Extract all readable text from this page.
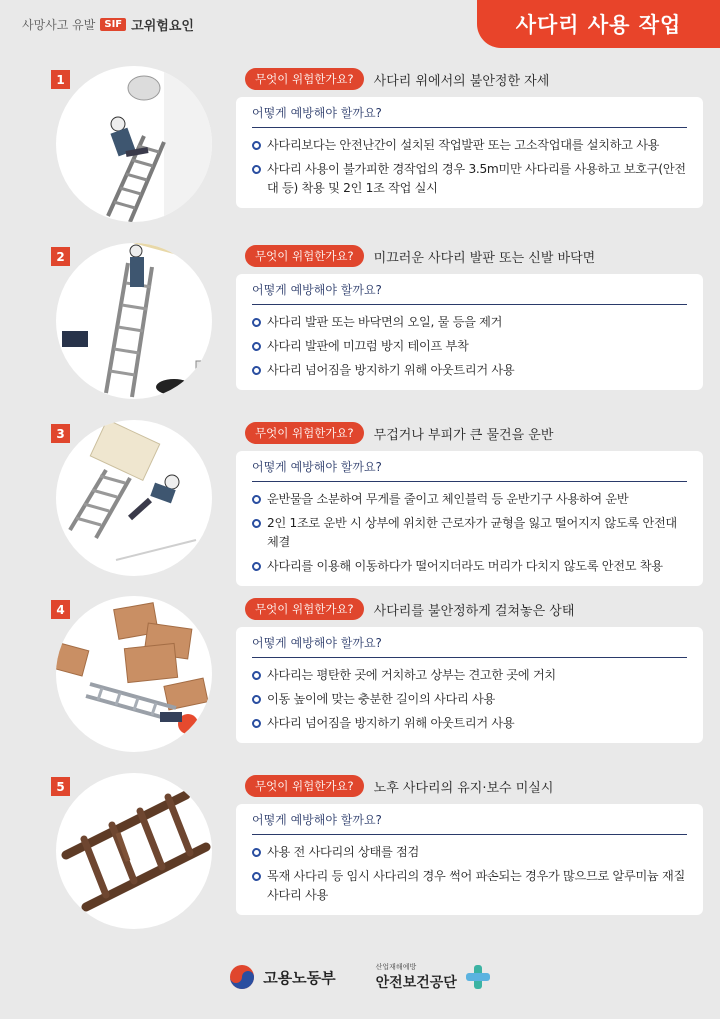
사망사고 유발 SIF 고위험요인	사다리 사용 작업
1	무엇이 위험한가요?	사다리 위에서의 불안정한 자세
어떻게 예방해야 할까요?
사다리보다는 안전난간이 설치된 작업발판 또는 고소작업대를 설치하고 사용
사다리 사용이 불가피한 경작업의 경우 3.5m미만 사다리를 사용하고 보호구(안전대 등) 착용 및 2인 1조 작업 실시
2	무엇이 위험한가요?	미끄러운 사다리 발판 또는 신발 바닥면
어떻게 예방해야 할까요?
사다리 발판 또는 바닥면의 오일, 물 등을 제거
사다리 발판에 미끄럼 방지 테이프 부착
사다리 넘어짐을 방지하기 위해 아웃트리거 사용
3	무엇이 위험한가요?	무겁거나 부피가 큰 물건을 운반
어떻게 예방해야 할까요?
운반물을 소분하여 무게를 줄이고 체인블럭 등 운반기구 사용하여 운반
2인 1조로 운반 시 상부에 위치한 근로자가 균형을 잃고 떨어지지 않도록 안전대 체결
사다리를 이용해 이동하다가 떨어지더라도 머리가 다치지 않도록 안전모 착용
4	무엇이 위험한가요?	사다리를 불안정하게 걸쳐놓은 상태
어떻게 예방해야 할까요?
사다리는 평탄한 곳에 거치하고 상부는 견고한 곳에 거치
이동 높이에 맞는 충분한 길이의 사다리 사용
사다리 넘어짐을 방지하기 위해 아웃트리거 사용
5	무엇이 위험한가요?	노후 사다리의 유지·보수 미실시
어떻게 예방해야 할까요?
사용 전 사다리의 상태를 점검
목재 사다리 등 임시 사다리의 경우 썩어 파손되는 경우가 많으므로 알루미늄 재질 사다리 사용
고용노동부
산업재해예방
안전보건공단
